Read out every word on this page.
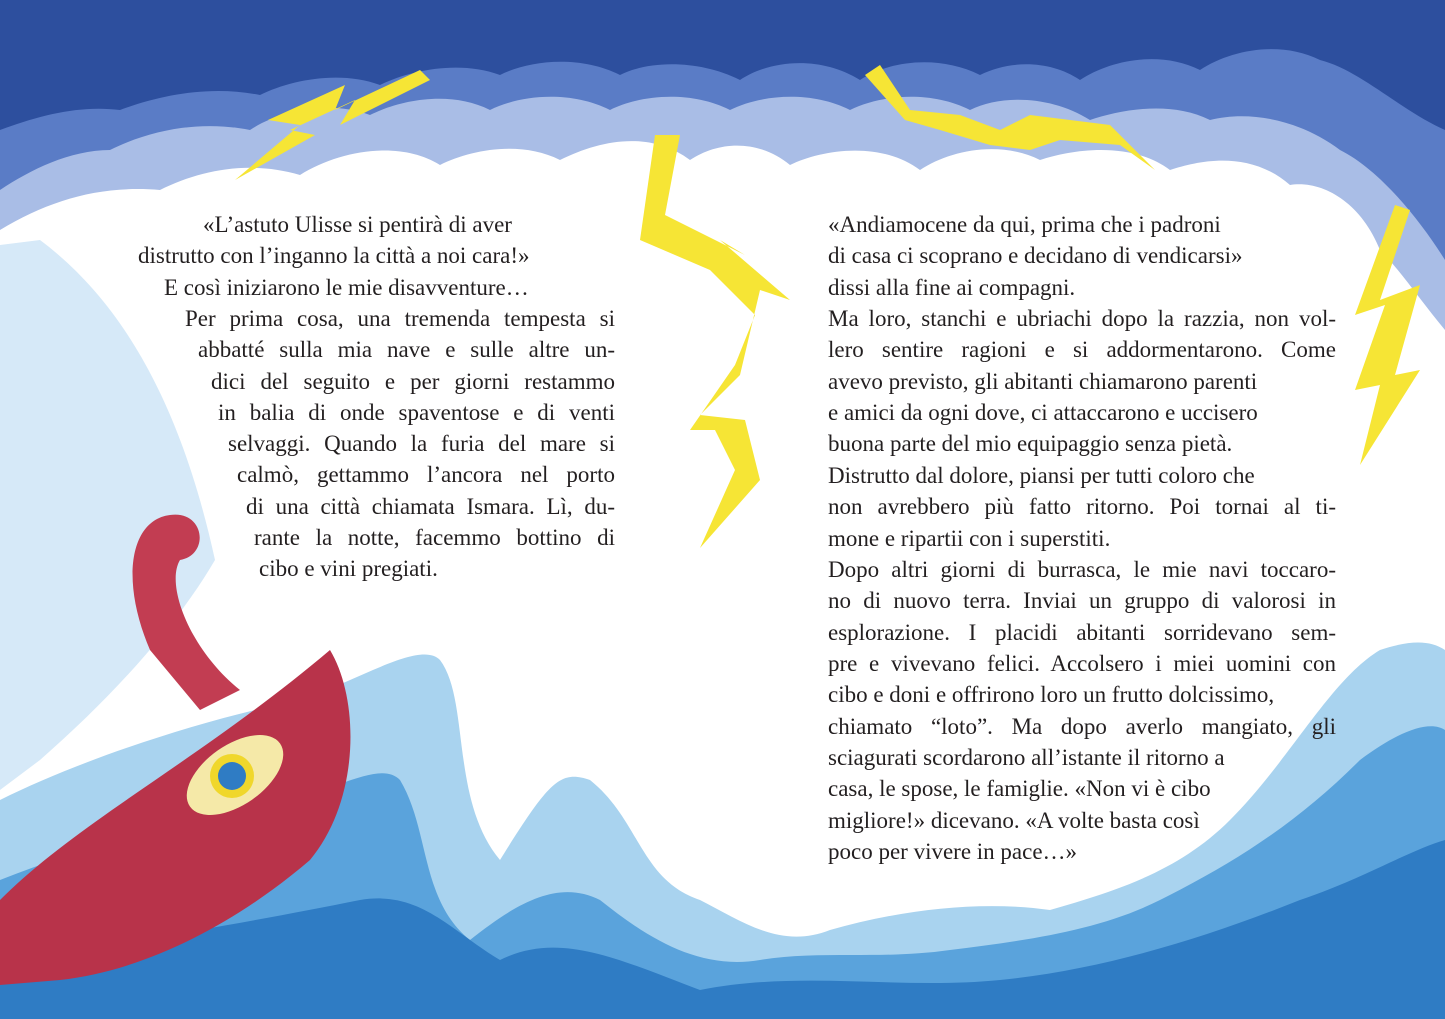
«L’astuto Ulisse si pentirà di aver
distrutto con l’inganno la città a noi cara!»
E così iniziarono le mie disavventure…
Per prima cosa, una tremenda tempesta si
abbatté sulla mia nave e sulle altre un-
dici del seguito e per giorni restammo
in balia di onde spaventose e di venti
selvaggi. Quando la furia del mare si
calmò, gettammo l’ancora nel porto
di una città chiamata Ismara. Lì, du-
rante la notte, facemmo bottino di
cibo e vini pregiati.
«Andiamocene da qui, prima che i padroni
di casa ci scoprano e decidano di vendicarsi»
dissi alla fine ai compagni.
Ma loro, stanchi e ubriachi dopo la razzia, non vol-
lero sentire ragioni e si addormentarono. Come
avevo previsto, gli abitanti chiamarono parenti
e amici da ogni dove, ci attaccarono e uccisero
buona parte del mio equipaggio senza pietà.
Distrutto dal dolore, piansi per tutti coloro che
non avrebbero più fatto ritorno. Poi tornai al ti-
mone e ripartii con i superstiti.
Dopo altri giorni di burrasca, le mie navi toccaro-
no di nuovo terra. Inviai un gruppo di valorosi in
esplorazione. I placidi abitanti sorridevano sem-
pre e vivevano felici. Accolsero i miei uomini con
cibo e doni e offrirono loro un frutto dolcissimo,
chiamato “loto”. Ma dopo averlo mangiato, gli
sciagurati scordarono all’istante il ritorno a
casa, le spose, le famiglie. «Non vi è cibo
migliore!» dicevano. «A volte basta così
poco per vivere in pace…»
